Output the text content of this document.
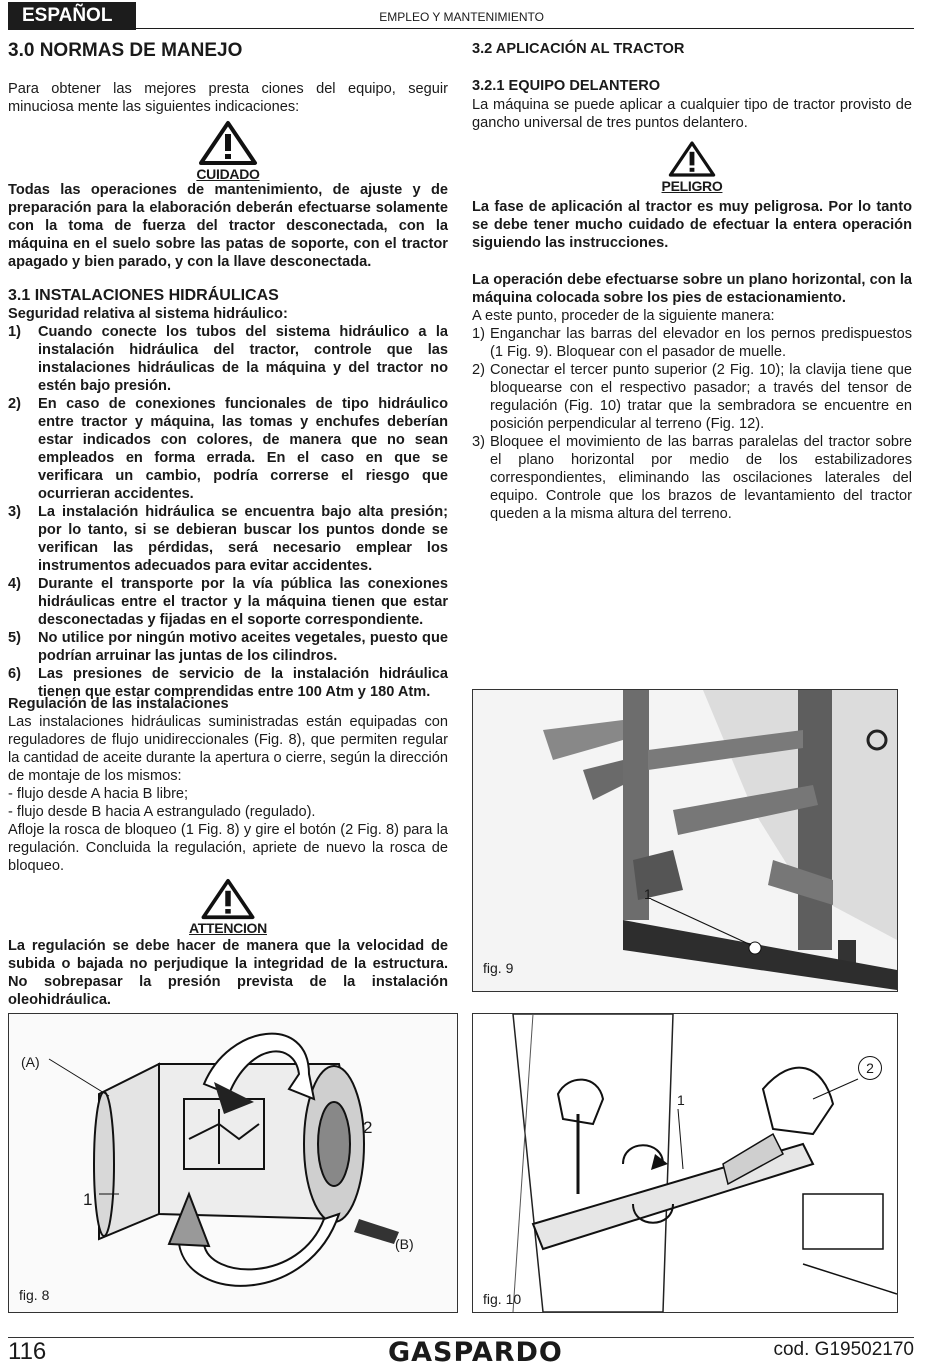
ESPAÑOL	EMPLEO Y MANTENIMIENTO
3.0 NORMAS DE MANEJO
Para obtener las mejores presta ciones del equipo, seguir minuciosa mente las siguientes indicaciones:
CUIDADO
Todas las operaciones de mantenimiento, de ajuste y de preparación para la elaboración deberán efectuarse solamente con la toma de fuerza del tractor desconectada, con la máquina en el suelo sobre las patas de soporte, con el tractor apagado y bien parado, y con la llave desconectada.
3.1 INSTALACIONES HIDRÁULICAS
Seguridad relativa al sistema hidráulico:
1) Cuando conecte los tubos del sistema hidráulico a la instalación hidráulica del tractor, controle que las instalaciones hidráulicas de la máquina y del tractor no estén bajo presión.
2) En caso de conexiones funcionales de tipo hidráulico entre tractor y máquina, las tomas y enchufes deberían estar indicados con colores, de manera que no sean empleados en forma errada. En el caso en que se verificara un cambio, podría correrse el riesgo que ocurrieran accidentes.
3) La instalación hidráulica se encuentra bajo alta presión; por lo tanto, si se debieran buscar los puntos donde se verifican las pérdidas, será necesario emplear los instrumentos adecuados para evitar accidentes.
4) Durante el transporte por la vía pública las conexiones hidráulicas entre el tractor y la máquina tienen que estar desconectadas y fijadas en el soporte correspondiente.
5) No utilice por ningún motivo aceites vegetales, puesto que podrían arruinar las juntas de los cilindros.
6) Las presiones de servicio de la instalación hidráulica tienen que estar comprendidas entre 100 Atm y 180 Atm.
Regulación de las instalaciones
Las instalaciones hidráulicas suministradas están equipadas con reguladores de flujo unidireccionales (Fig. 8), que permiten regular la cantidad de aceite durante la apertura o cierre, según la dirección de montaje de los mismos:
- flujo desde A hacia B libre;
- flujo desde B hacia A estrangulado (regulado).
Afloje la rosca de bloqueo (1 Fig. 8) y gire el botón (2 Fig. 8) para la regulación. Concluida la regulación, apriete de nuevo la rosca de bloqueo.
ATTENCION
La regulación se debe hacer de manera que la velocidad de subida o bajada no perjudique la integridad de la estructura. No sobrepasar la presión prevista de la instalación oleohidráulica.
3.2 APLICACIÓN AL TRACTOR
3.2.1 EQUIPO DELANTERO
La máquina se puede aplicar a cualquier tipo de tractor provisto de gancho universal de tres puntos delantero.
PELIGRO
La fase de aplicación al tractor es muy peligrosa. Por lo tanto se debe tener mucho cuidado de efectuar la entera operación siguiendo las instrucciones.
La operación debe efectuarse sobre un plano horizontal, con la máquina colocada sobre los pies de estacionamiento.
A este punto, proceder de la siguiente manera:
1) Enganchar las barras del elevador en los pernos predispuestos (1 Fig. 9). Bloquear con el pasador de muelle.
2) Conectar el tercer punto superior (2 Fig. 10); la clavija tiene que bloquearse con el respectivo pasador; a través del tensor de regulación (Fig. 10) tratar que la sembradora se encuentre en posición perpendicular al terreno (Fig. 12).
3) Bloquee el movimiento de las barras paralelas del tractor sobre el plano horizontal por medio de los estabilizadores correspondientes, eliminando las oscilaciones laterales del equipo. Controle que los brazos de levantamiento del tractor queden a la misma altura del terreno.
1
fig. 9
(A)
2
1
(B)
fig. 8
1
2
fig. 10
116	GASPARDO	cod. G19502170
